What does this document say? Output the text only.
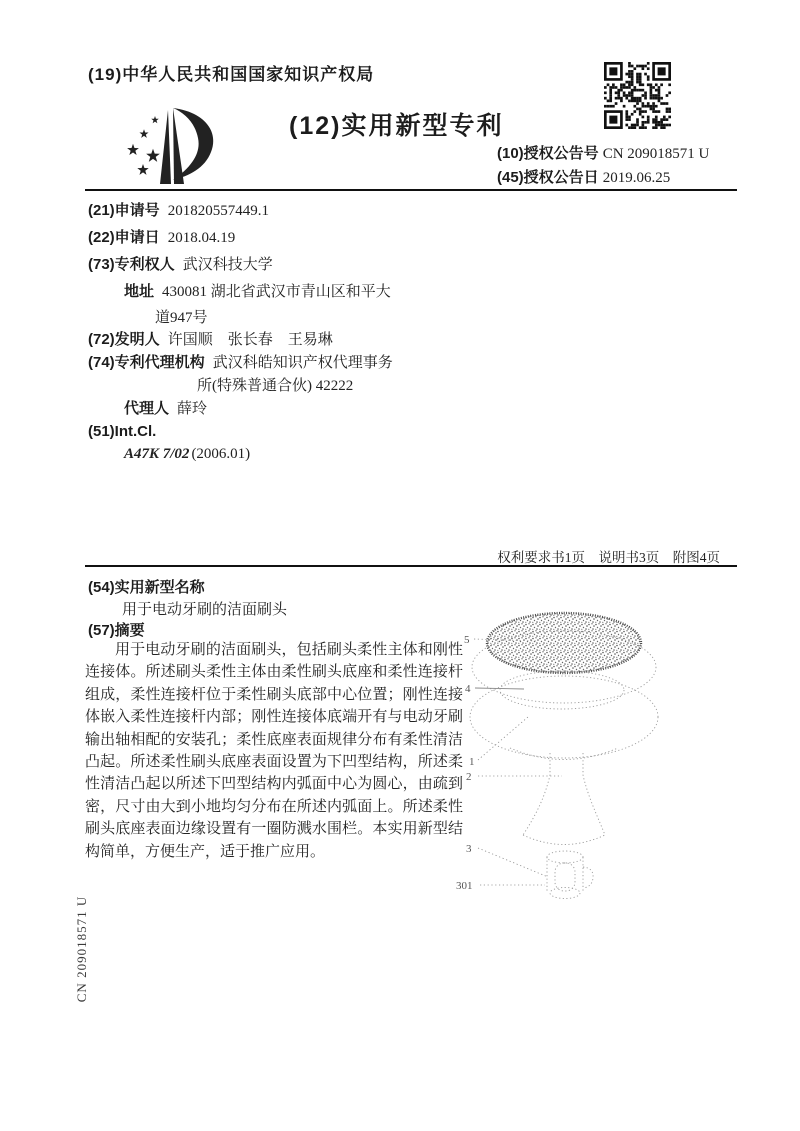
(19)中华人民共和国国家知识产权局
(12)实用新型专利
(10)授权公告号 CN 209018571 U
(45)授权公告日 2019.06.25
(21)申请号 201820557449.1
(22)申请日 2018.04.19
(73)专利权人 武汉科技大学
地址 430081 湖北省武汉市青山区和平大
道947号
(72)发明人 许国顺　张长春　王易琳
(74)专利代理机构 武汉科皓知识产权代理事务
所(特殊普通合伙) 42222
代理人 薛玲
(51)Int.Cl.
A47K 7/02 (2006.01)
权利要求书1页　说明书3页　附图4页
(54)实用新型名称
用于电动牙刷的洁面刷头
(57)摘要
用于电动牙刷的洁面刷头，包括刷头柔性主体和刚性连接体。所述刷头柔性主体由柔性刷头底座和柔性连接杆组成，柔性连接杆位于柔性刷头底部中心位置；刚性连接体嵌入柔性连接杆内部；刚性连接体底端开有与电动牙刷输出轴相配的安装孔；柔性底座表面规律分布有柔性清洁凸起。所述柔性刷头底座表面设置为下凹型结构，所述柔性清洁凸起以所述下凹型结构内弧面中心为圆心，由疏到密，尺寸由大到小地均匀分布在所述内弧面上。所述柔性刷头底座表面边缘设置有一圈防溅水围栏。本实用新型结构简单，方便生产，适于推广应用。
5
4
1
2
3
301
CN 209018571 U
